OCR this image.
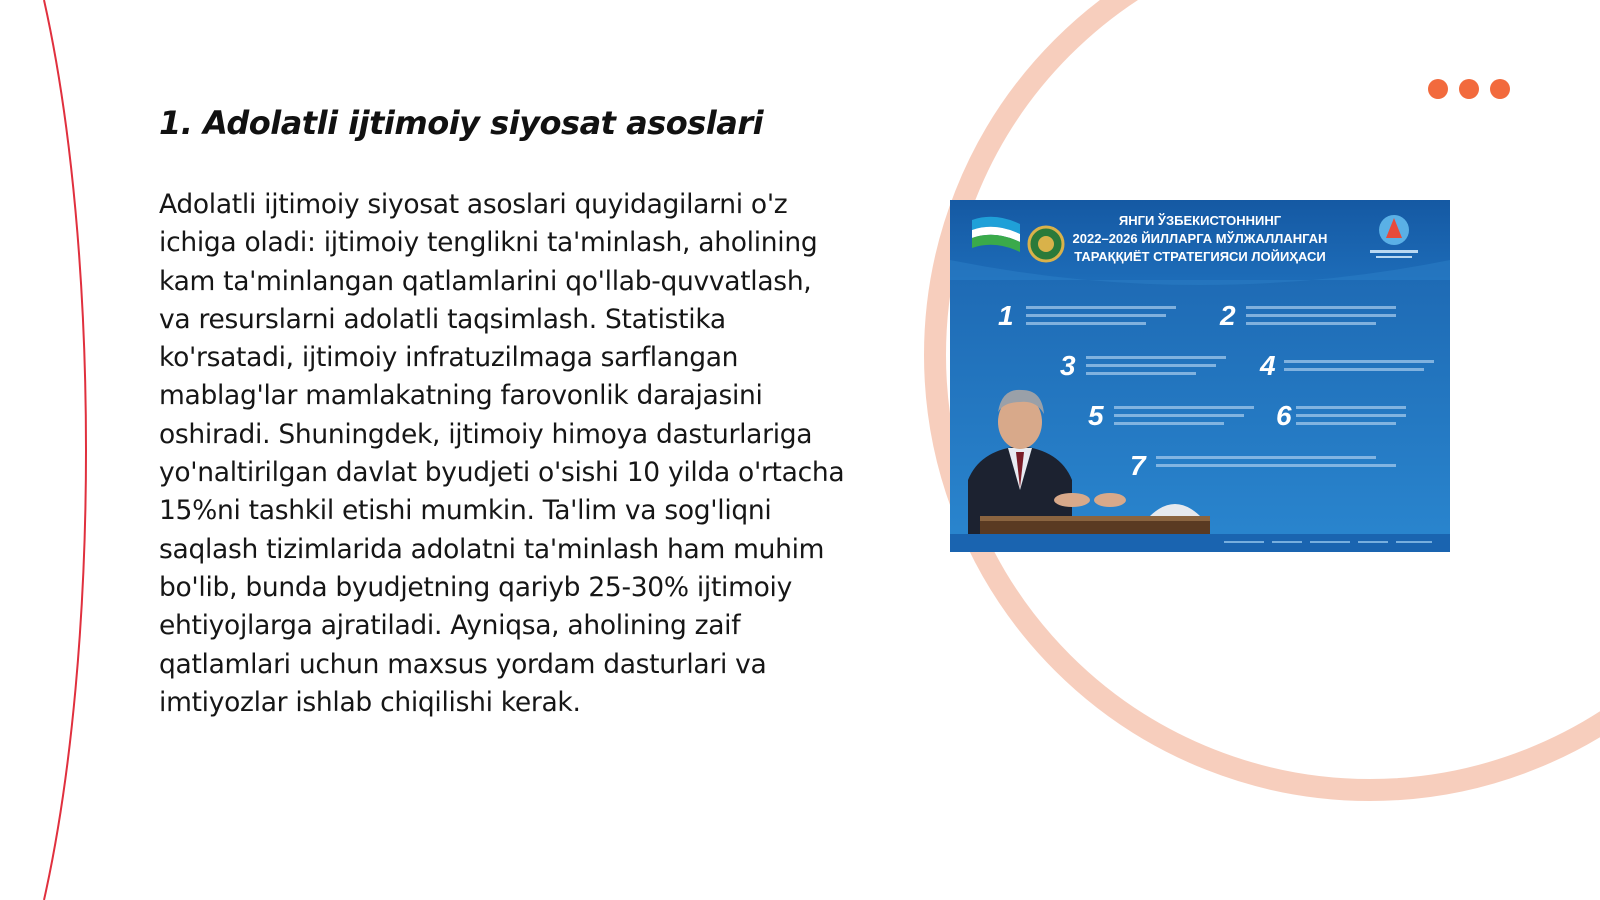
1. Adolatli ijtimoiy siyosat asoslari

Adolatli ijtimoiy siyosat asoslari quyidagilarni o'z ichiga oladi: ijtimoiy tenglikni ta'minlash, aholining kam ta'minlangan qatlamlarini qo'llab-quvvatlash, va resurslarni adolatli taqsimlash. Statistika ko'rsatadi, ijtimoiy infratuzilmaga sarflangan mablag'lar mamlakatning farovonlik darajasini oshiradi. Shuningdek, ijtimoiy himoya dasturlariga yo'naltirilgan davlat byudjeti o'sishi 10 yilda o'rtacha 15%ni tashkil etishi mumkin. Ta'lim va sog'liqni saqlash tizimlarida adolatni ta'minlash ham muhim bo'lib, bunda byudjetning qariyb 25-30% ijtimoiy ehtiyojlarga ajratiladi. Ayniqsa, aholining zaif qatlamlari uchun maxsus yordam dasturlari va imtiyozlar ishlab chiqilishi kerak.

ЯНГИ ЎЗБЕКИСТОННИНГ
2022–2026 ЙИЛЛАРГА МЎЛЖАЛЛАНГАН
ТАРАҚҚИЁТ СТРАТЕГИЯСИ ЛОЙИҲАСИ
1	2
3	4
5	6
7
